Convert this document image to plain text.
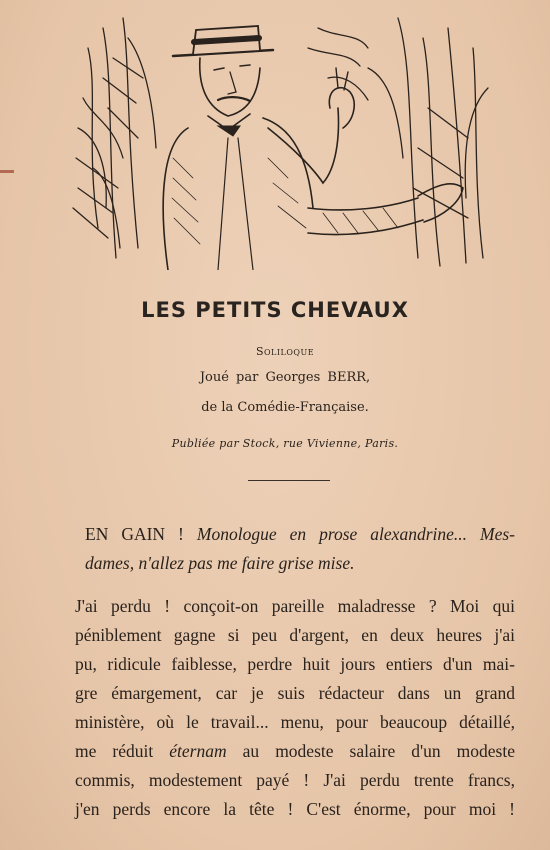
LES PETITS CHEVAUX
Soliloque
Joué par Georges BERR,
de la Comédie-Française.
Publiée par Stock, rue Vivienne, Paris.
EN GAIN ! Monologue en prose alexandrine... Mes-
dames, n'allez pas me faire grise mise.
J'ai perdu ! conçoit-on pareille maladresse ? Moi qui
péniblement gagne si peu d'argent, en deux heures j'ai
pu, ridicule faiblesse, perdre huit jours entiers d'un mai-
gre émargement, car je suis rédacteur dans un grand
ministère, où le travail... menu, pour beaucoup détaillé,
me réduit éternam au modeste salaire d'un modeste
commis, modestement payé ! J'ai perdu trente francs,
j'en perds encore la tête ! C'est énorme, pour moi !
